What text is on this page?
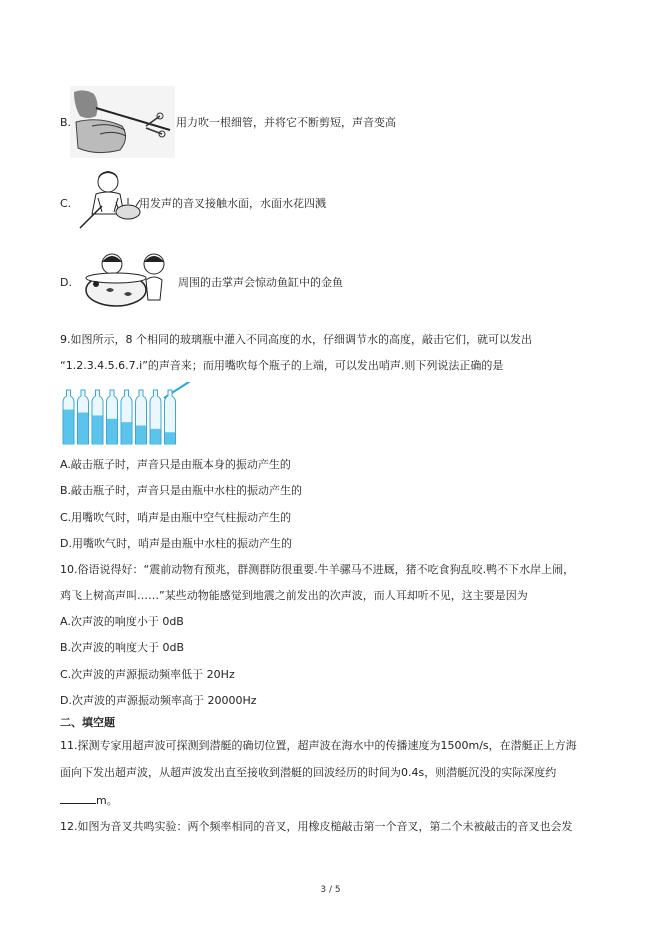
B.	用力吹一根细管，并将它不断剪短，声音变高
C.	用发声的音叉接触水面，水面水花四溅
D.	周围的击掌声会惊动鱼缸中的金鱼
9.如图所示，8 个相同的玻璃瓶中灌入不同高度的水，仔细调节水的高度，敲击它们，就可以发出
“1.2.3.4.5.6.7.i”的声音来；而用嘴吹每个瓶子的上端，可以发出哨声.则下列说法正确的是
A.敲击瓶子时，声音只是由瓶本身的振动产生的
B.敲击瓶子时，声音只是由瓶中水柱的振动产生的
C.用嘴吹气时，哨声是由瓶中空气柱振动产生的
D.用嘴吹气时，哨声是由瓶中水柱的振动产生的
10.俗语说得好：“震前动物有预兆，群测群防很重要.牛羊骡马不进厩，猪不吃食狗乱咬.鸭不下水岸上闹，
鸡飞上树高声叫……”某些动物能感觉到地震之前发出的次声波，而人耳却听不见，这主要是因为
A.次声波的响度小于 0dB
B.次声波的响度大于 0dB
C.次声波的声源振动频率低于 20Hz
D.次声波的声源振动频率高于 20000Hz
二、填空题
11.探测专家用超声波可探测到潜艇的确切位置，超声波在海水中的传播速度为1500m/s，在潜艇正上方海
面向下发出超声波，从超声波发出直至接收到潜艇的回波经历的时间为0.4s，则潜艇沉没的实际深度约
m。
12.如图为音叉共鸣实验：两个频率相同的音叉，用橡皮槌敲击第一个音叉，第二个未被敲击的音叉也会发
3 / 5
